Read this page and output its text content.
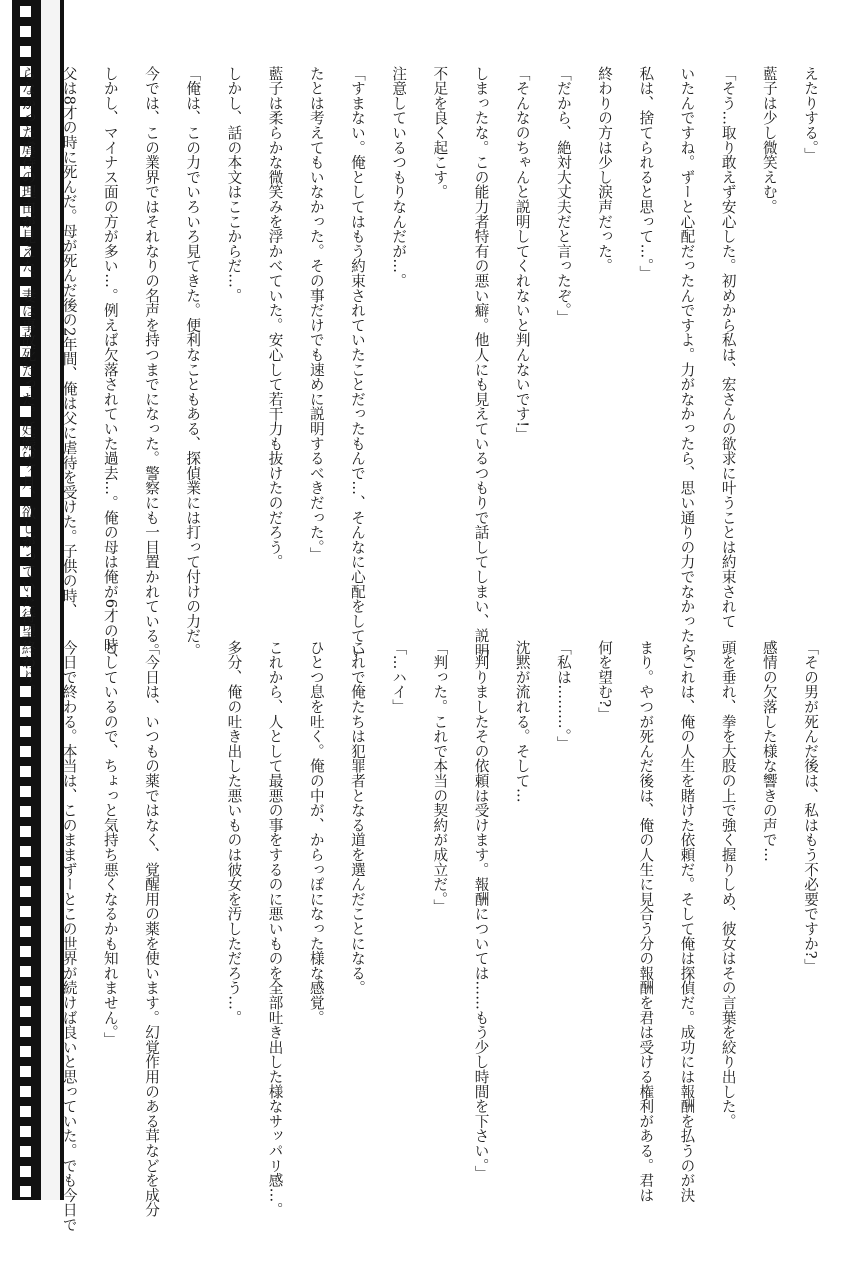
えたりする。」

藍子は少し微笑えむ。

「そう…取り敢えず安心した。初めから私は、宏さんの欲求に叶うことは約束されて

いたんですね。ずーと心配だったんですよ。力がなかったら、思い通りの力でなかったら、

私は、捨てられると思って…。」

終わりの方は少し涙声だった。

「だから、絶対大丈夫だと言ったぞ。」

「そんなのちゃんと説明してくれないと判んないです!」

しまったな。この能力者特有の悪い癖。他人にも見えているつもりで話してしまい、説明

不足を良く起こす。

注意しているつもりなんだが…。

「すまない。俺としてはもう約束されていたことだったもんで…、そんなに心配をしてい

たとは考えてもいなかった。その事だけでも速めに説明するべきだった。」

藍子は柔らかな微笑みを浮かべていた。安心して若干力も抜けたのだろう。

しかし、話の本文はここからだ…。

「俺は、この力でいろいろ見てきた。便利なこともある、探偵業には打って付けの力だ。

今では、この業界ではそれなりの名声を持つまでになった。警察にも一目置かれている。

しかし、マイナス面の方が多い…。例えば欠落されていた過去…。俺の母は俺が6才の時、

父は8才の時に死んだ。母が死んだ後の2年間、俺は父に虐待を受けた。子供の時、

らなかった虐待の理由が見えた。妻は事故死だった。妊娠3ヶ月、欲しがっていた待望

「その男が死んだ後は、私はもう不必要ですか?」

感情の欠落した様な響きの声で…

頭を垂れ、拳を大股の上で強く握りしめ、彼女はその言葉を絞り出した。

「これは、俺の人生を賭けた依頼だ。そして俺は探偵だ。成功には報酬を払うのが決

まり。やつが死んだ後は、俺の人生に見合う分の報酬を君は受ける権利がある。君は

何を望む?」

「私は………。」

沈黙が流れる。そして…

「判りましたその依頼は受けます。報酬については……もう少し時間を下さい。」

「判った。これで本当の契約が成立だ。」

「…ハイ」

これで俺たちは犯罪者となる道を選んだことになる。

ひとつ息を吐く。俺の中が、からっぽになった様な感覚。

これから、人として最悪の事をするのに悪いものを全部吐き出した様なサッパリ感…。

多分、俺の吐き出した悪いものは彼女を汚しただろう…。

「今日は、いつもの薬ではなく、覚醒用の薬を使います。幻覚作用のある茸などを成分

としているので、ちょっと気持ち悪くなるかも知れません。」

今日で終わる。本当は、このままずーとこの世界が続けば良いと思っていた。でも今日で

終わり。
